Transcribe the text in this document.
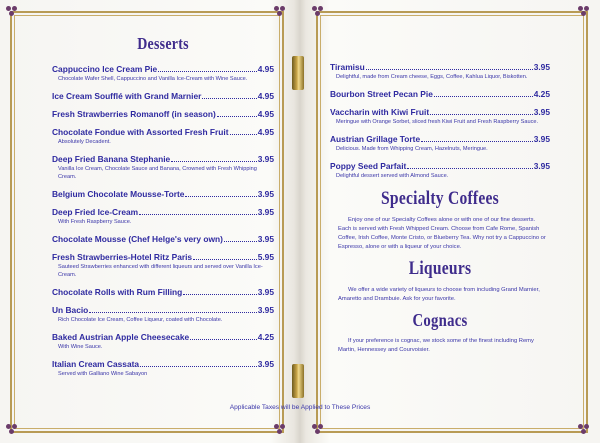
Desserts
Cappuccino Ice Cream Pie	4.95
Chocolate Wafer Shell, Cappuccino and Vanilla Ice-Cream with Wine Sauce.
Ice Cream Soufflé with Grand Marnier	4.95
Fresh Strawberries Romanoff (in season)	4.95
Chocolate Fondue with Assorted Fresh Fruit	4.95
Absolutely Decadent.
Deep Fried Banana Stephanie	3.95
Vanilla Ice Cream, Chocolate Sauce and Banana, Crowned with Fresh Whipping Cream.
Belgium Chocolate Mousse-Torte	3.95
Deep Fried Ice-Cream	3.95
With Fresh Raspberry Sauce.
Chocolate Mousse (Chef Helge's very own)	3.95
Fresh Strawberries-Hotel Ritz Paris	5.95
Sauteed Strawberries enhanced with different liqueurs and served over Vanilla Ice-Cream.
Chocolate Rolls with Rum Filling	3.95
Un Bacio	3.95
Rich Chocolate Ice Cream, Coffee Liqueur, coated with Chocolate.
Baked Austrian Apple Cheesecake	4.25
With Wine Sauce.
Italian Cream Cassata	3.95
Served with Galliano Wine Sabayon
Tiramisu	3.95
Delightful, made from Cream cheese, Eggs, Coffee, Kahlua Liquor, Biskotten.
Bourbon Street Pecan Pie	4.25
Vaccharin with Kiwi Fruit	3.95
Meringue with Orange Sorbet, sliced fresh Kiwi Fruit and Fresh Raspberry Sauce.
Austrian Grillage Torte	3.95
Delicious. Made from Whipping Cream, Hazelnuts, Meringue.
Poppy Seed Parfait	3.95
Delightful dessert served with Almond Sauce.
Specialty Coffees

Enjoy one of our Specialty Coffees alone or with one of our fine desserts. Each is served with Fresh Whipped Cream. Choose from Cafe Rome, Spanish Coffee, Irish Coffee, Monte Cristo, or Blueberry Tea. Why not try a Cappuccino or Espresso, alone or with a liqueur of your choice.

Liqueurs

We offer a wide variety of liqueurs to choose from including Grand Marnier, Amaretto and Drambuie. Ask for your favorite.

Cognacs

If your preference is cognac, we stock some of the finest including Remy Martin, Hennessey and Courvoisier.

Applicable Taxes will be Applied to These Prices
